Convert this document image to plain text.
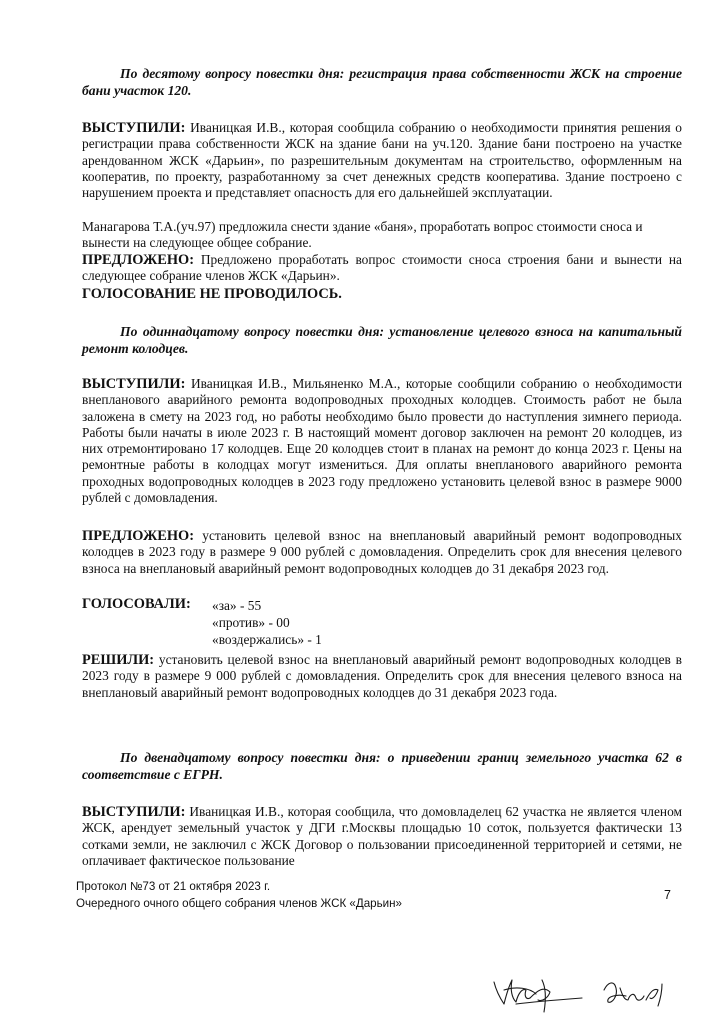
По десятому вопросу повестки дня: регистрация права собственности ЖСК на строение бани участок 120.
ВЫСТУПИЛИ: Иваницкая И.В., которая сообщила собранию о необходимости принятия решения о регистрации права собственности ЖСК на здание бани на уч.120. Здание бани построено на участке арендованном ЖСК «Дарьин», по разрешительным документам на строительство, оформленным на кооператив, по проекту, разработанному за счет денежных средств кооператива. Здание построено с нарушением проекта и представляет опасность для его дальнейшей эксплуатации.
Манагарова Т.А.(уч.97) предложила снести здание «баня», проработать вопрос стоимости сноса и вынести на следующее общее собрание.
ПРЕДЛОЖЕНО: Предложено проработать вопрос стоимости сноса строения бани и вынести на следующее собрание членов ЖСК «Дарьин».
ГОЛОСОВАНИЕ НЕ ПРОВОДИЛОСЬ.
По одиннадцатому вопросу повестки дня: установление целевого взноса на капитальный ремонт колодцев.
ВЫСТУПИЛИ: Иваницкая И.В., Мильяненко М.А., которые сообщили собранию о необходимости внепланового аварийного ремонта водопроводных проходных колодцев. Стоимость работ не была заложена в смету на 2023 год, но работы необходимо было провести до наступления зимнего периода. Работы были начаты в июле 2023 г. В настоящий момент договор заключен на ремонт 20 колодцев, из них отремонтировано 17 колодцев. Еще 20 колодцев стоит в планах на ремонт до конца 2023 г. Цены на ремонтные работы в колодцах могут измениться. Для оплаты внепланового аварийного ремонта проходных водопроводных колодцев в 2023 году предложено установить целевой взнос в размере 9000 рублей с домовладения.
ПРЕДЛОЖЕНО: установить целевой взнос на внеплановый аварийный ремонт водопроводных колодцев в 2023 году в размере 9 000 рублей с домовладения. Определить срок для внесения целевого взноса на внеплановый аварийный ремонт водопроводных колодцев до 31 декабря 2023 год.
ГОЛОСОВАЛИ: «за» - 55
«против» - 00
«воздержались» - 1
РЕШИЛИ: установить целевой взнос на внеплановый аварийный ремонт водопроводных колодцев в 2023 году в размере 9 000 рублей с домовладения. Определить срок для внесения целевого взноса на внеплановый аварийный ремонт водопроводных колодцев до 31 декабря 2023 года.
По двенадцатому вопросу повестки дня: о приведении границ земельного участка 62 в соответствие с ЕГРН.
ВЫСТУПИЛИ: Иваницкая И.В., которая сообщила, что домовладелец 62 участка не является членом ЖСК, арендует земельный участок у ДГИ г.Москвы площадью 10 соток, пользуется фактически 13 сотками земли, не заключил с ЖСК Договор о пользовании присоединенной территорией и сетями, не оплачивает фактическое пользование
Протокол №73 от 21 октября 2023 г.
Очередного очного общего собрания членов ЖСК «Дарьин»
7
